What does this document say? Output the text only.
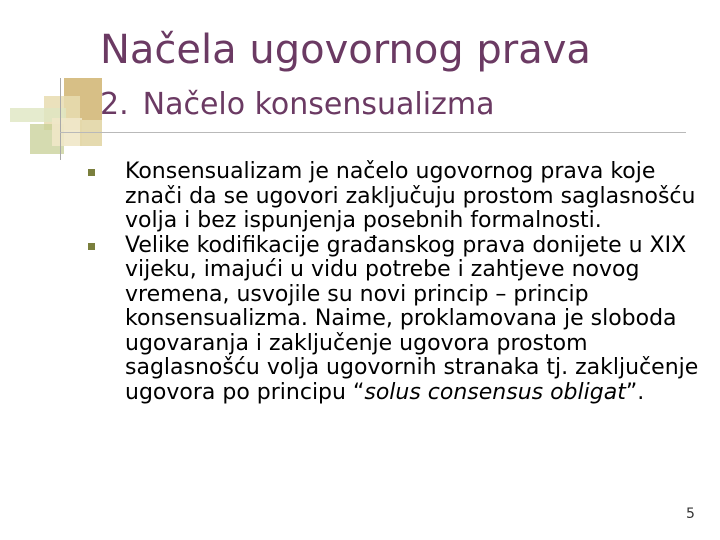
Načela ugovornog prava
2. Načelo konsensualizma

Konsensualizam je načelo ugovornog prava koje znači da se ugovori zaključuju prostom saglasnošću volja i bez ispunjenja posebnih formalnosti.

Velike kodifikacije građanskog prava donijete u XIX vijeku, imajući u vidu potrebe i zahtjeve novog vremena, usvojile su novi princip – princip konsensualizma. Naime, proklamovana je sloboda ugovaranja i zaključenje ugovora prostom saglasnošću volja ugovornih stranaka tj. zaključenje ugovora po principu “solus consensus obligat”.

5
